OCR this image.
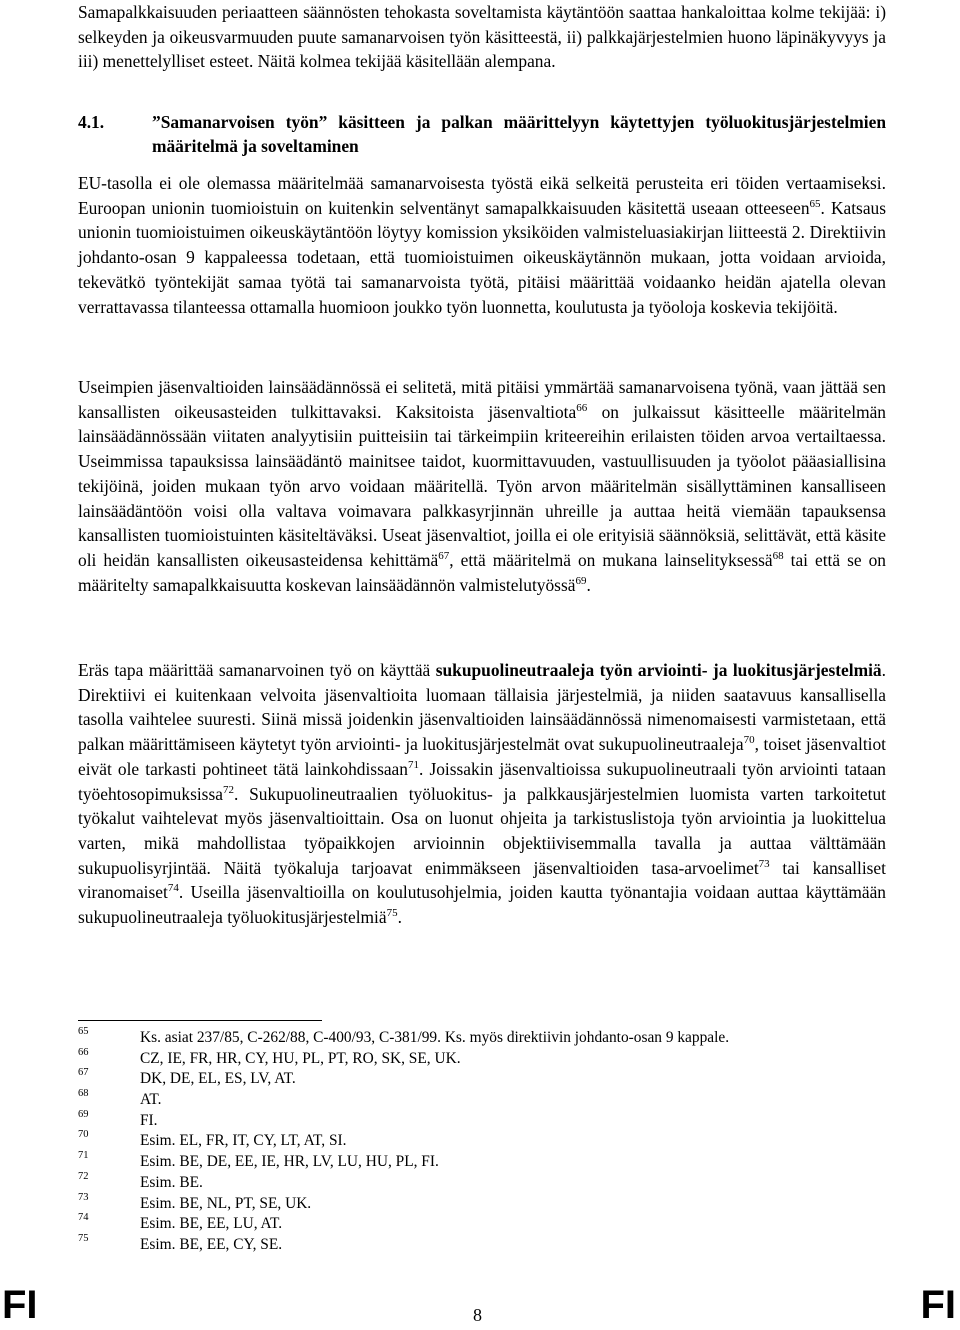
Samapalkkaisuuden periaatteen säännösten tehokasta soveltamista käytäntöön saattaa hankaloittaa kolme tekijää: i) selkeyden ja oikeusvarmuuden puute samanarvoisen työn käsitteestä, ii) palkkajärjestelmien huono läpinäkyvyys ja iii) menettelylliset esteet. Näitä kolmea tekijää käsitellään alempana.

4.1.	”Samanarvoisen työn” käsitteen ja palkan määrittelyyn käytettyjen työluokitusjärjestelmien määritelmä ja soveltaminen

EU-tasolla ei ole olemassa määritelmää samanarvoisesta työstä eikä selkeitä perusteita eri töiden vertaamiseksi. Euroopan unionin tuomioistuin on kuitenkin selventänyt samapalkkaisuuden käsitettä useaan otteeseen$^{65}$. Katsaus unionin tuomioistuimen oikeuskäytäntöön löytyy komission yksiköiden valmisteluasiakirjan liitteestä 2. Direktiivin johdanto-osan 9 kappaleessa todetaan, että tuomioistuimen oikeuskäytännön mukaan, jotta voidaan arvioida, tekevätkö työntekijät samaa työtä tai samanarvoista työtä, pitäisi määrittää voidaanko heidän ajatella olevan verrattavassa tilanteessa ottamalla huomioon joukko työn luonnetta, koulutusta ja työoloja koskevia tekijöitä.

Useimpien jäsenvaltioiden lainsäädännössä ei selitetä, mitä pitäisi ymmärtää samanarvoisena työnä, vaan jättää sen kansallisten oikeusasteiden tulkittavaksi. Kaksitoista jäsenvaltiota$^{66}$ on julkaissut käsitteelle määritelmän lainsäädännössään viitaten analyytisiin puitteisiin tai tärkeimpiin kriteereihin erilaisten töiden arvoa vertailtaessa. Useimmissa tapauksissa lainsäädäntö mainitsee taidot, kuormittavuuden, vastuullisuuden ja työolot pääasiallisina tekijöinä, joiden mukaan työn arvo voidaan määritellä. Työn arvon määritelmän sisällyttäminen kansalliseen lainsäädäntöön voisi olla valtava voimavara palkkasyrjinnän uhreille ja auttaa heitä viemään tapauksensa kansallisten tuomioistuinten käsiteltäväksi. Useat jäsenvaltiot, joilla ei ole erityisiä säännöksiä, selittävät, että käsite oli heidän kansallisten oikeusasteidensa kehittämä$^{67}$, että määritelmä on mukana lainselityksessä$^{68}$ tai että se on määritelty samapalkkaisuutta koskevan lainsäädännön valmistelutyössä$^{69}$.

Eräs tapa määrittää samanarvoinen työ on käyttää sukupuolineutraaleja työn arviointi- ja luokitusjärjestelmiä. Direktiivi ei kuitenkaan velvoita jäsenvaltioita luomaan tällaisia järjestelmiä, ja niiden saatavuus kansallisella tasolla vaihtelee suuresti. Siinä missä joidenkin jäsenvaltioiden lainsäädännössä nimenomaisesti varmistetaan, että palkan määrittämiseen käytetyt työn arviointi- ja luokitusjärjestelmät ovat sukupuolineutraaleja$^{70}$, toiset jäsenvaltiot eivät ole tarkasti pohtineet tätä lainkohdissaan$^{71}$. Joissakin jäsenvaltioissa sukupuolineutraali työn arviointi tataan työehtosopimuksissa$^{72}$. Sukupuolineutraalien työluokitus- ja palkkausjärjestelmien luomista varten tarkoitetut työkalut vaihtelevat myös jäsenvaltioittain. Osa on luonut ohjeita ja tarkistuslistoja työn arviointia ja luokittelua varten, mikä mahdollistaa työpaikkojen arvioinnin objektiivisemmalla tavalla ja auttaa välttämään sukupuolisyrjintää. Näitä työkaluja tarjoavat enimmäkseen jäsenvaltioiden tasa-arvoelimet$^{73}$ tai kansalliset viranomaiset$^{74}$. Useilla jäsenvaltioilla on koulutusohjelmia, joiden kautta työnantajia voidaan auttaa käyttämään sukupuolineutraaleja työluokitusjärjestelmiä$^{75}$.

65	Ks. asiat 237/85, C-262/88, C-400/93, C-381/99. Ks. myös direktiivin johdanto-osan 9 kappale.
66	CZ, IE, FR, HR, CY, HU, PL, PT, RO, SK, SE, UK.
67	DK, DE, EL, ES, LV, AT.
68	AT.
69	FI.
70	Esim. EL, FR, IT, CY, LT, AT, SI.
71	Esim. BE, DE, EE, IE, HR, LV, LU, HU, PL, FI.
72	Esim. BE.
73	Esim. BE, NL, PT, SE, UK.
74	Esim. BE, EE, LU, AT.
75	Esim. BE, EE, CY, SE.
FI	8	FI
